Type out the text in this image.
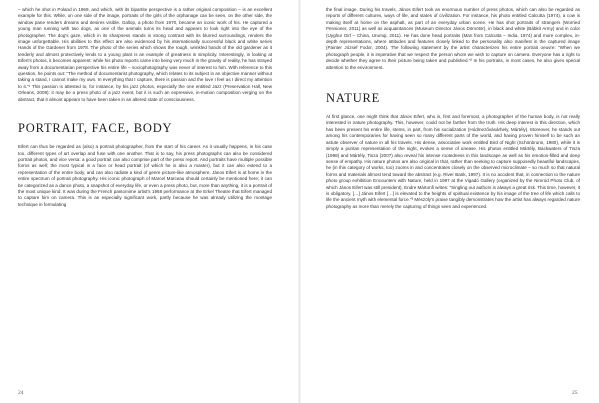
– which he shot in Poland in 1969, and which, with its bipartite perspective is a rather original composition – is an excellent example for this. While, on one side of the image, portraits of the girls of the orphanage can be seen, on the other side, the window pane renders dreams and desires visible. Gallop, a photo from 1970, became an iconic work of his. He captured a young man running with two dogs, as one of the animals turns its head and appears to look right into the eye of the photographer. The dog's gaze, which in its sharpness stands in strong contrast with its blurred surroundings, renders the image unforgettable. His abilities to this effect are also evidenced by his internationally successful black and white series Hands of the Gardener from 1978. The photo of the series which shows the rough, wrinkled hands of the old gardener as it tenderly and almost protectively lends to a young plant is an example of greatness in simplicity. Interestingly, in looking at Eifert's photos, it becomes apparent: while his photo reports came into being very much in the gravity of reality, he has strayed away from a documentarian perspective his entire life – sociophotography was never of interest to him. With reference to this question, he points out: "The method of documentarist photography, which relates to its subject in an objective manner without taking a stand, I cannot make my own. In everything that I capture, there is passion and the love I feel as I direct my attention to it."¹ This passion is attested to, for instance, by his jazz photos, especially the one entitled Jazz (Preservation Hall, New Orleans, 2009): it may be a press photo of a jazz event, but it is such an expressive, in-motion composition verging on the abstract, that it almost appears to have been taken in an altered state of consciousness.

PORTRAIT, FACE, BODY

Eifert can thus be regarded as (also) a portrait photographer, from the start of his career. As it usually happens, in his case too, different types of art overlap and fuse with one another. That is to say, his press photographs can also be considered portrait photos, and vice versa: a good portrait can also comprise part of the press report. And portraits have multiple possible forms as well; the most typical is a face or head portrait (of which he is also a master), but it can also extend to a representation of the entire body, and can also radiate a kind of genre picture-like atmosphere. János Eifert is at home in the entire spectrum of portrait photography. His iconic photograph of Marcel Marceau should certainly be mentioned here; it can be categorized as a dance photo, a snapshot of everyday life, or even a press photo, but, more than anything, it is a portrait of the most unique kind. It was during the French pantomime artist's 1968 performance at the Erkel Theatre that Eifert managed to capture him on camera. This is an especially significant work, partly because he was already utilizing the montage technique in formulating

the final image. During his travels, János Eifert took an enormous number of press photos, which can also be regarded as reports of different cultures, ways of life, and states of civilization. For instance, his photo entitled Calcutta (1974), a cow is making itself at home on the asphalt, as part of an everyday urban scene. He has shot portraits of strangers (Worried Pensioner, 2011) as well as acquaintances (Museum Director János Dömötör), in black and white (Bábkit Army) and in color (Uyghur Girl – China, Urumqi, 2011). He has done head portraits (Man from Calcutta – India, 1974) and more complex, in-depth representations, where attitudes and features closely linked to the personality also manifest in the captured image (Painter József Fodor, 2004). The following statement by the artist characterizes his entire portrait oeuvre: "When we photograph people, it is imperative that we respect the person whom we wish to capture on camera. Everyone has a right to decide whether they agree to their picture being taken and published."² In his portraits, in most cases, he also gives special attention to the environment.

NATURE

At first glance, one might think that János Eifert, who is, first and foremost, a photographer of the human body, is not really interested in nature photography. This, however, could not be farther from the truth. His deep interest in this direction, which has been present his entire life, stems, in part, from his socialization (Hódmezővásárhely, Mártély). Moreover, he stands out among his contemporaries for having seen so many different parts of the world, and having proven himself to be such an astute observer of nature in all his travels. His dense, associative work entitled Bird of Night (Schönbrunn, 1980), while it is simply a puritan representation of the night, evokes a sense of unease. His photos entitled Mártély, Backwaters of Tisza (1998) and Mártély, Tisza (2007) also reveal his intense rootedness in this landscape as well as his emotion-filled and deep sense of empathy. His nature photos are also original in that, rather than seeking to capture supposedly beautiful landscapes, he (in this category of works, too) zooms in and concentrates closely on the observed microclimate – so much so that natural forms and materials almost tend toward the abstract (e.g. River Bank, 1997). It is no accident that, in connection to the nature photo group exhibition Encounters with Nature, held in 1997 at the Vigadó Gallery (organized by the Nimród Photo Club, of which János Eifert was still president), Endre Mártonfi writes: "Singling out authors is always a great risk. This time, however, it is obligatory. […] János Eifert […] is elevated to the heights of spiritual existence by his image of the tree of life which calls to life the ancient myth with elemental force."³ Mészöly's praise tangibly demonstrates how the artist has always regarded nature photography as more than merely the capturing of things seen and experienced.

24	25
